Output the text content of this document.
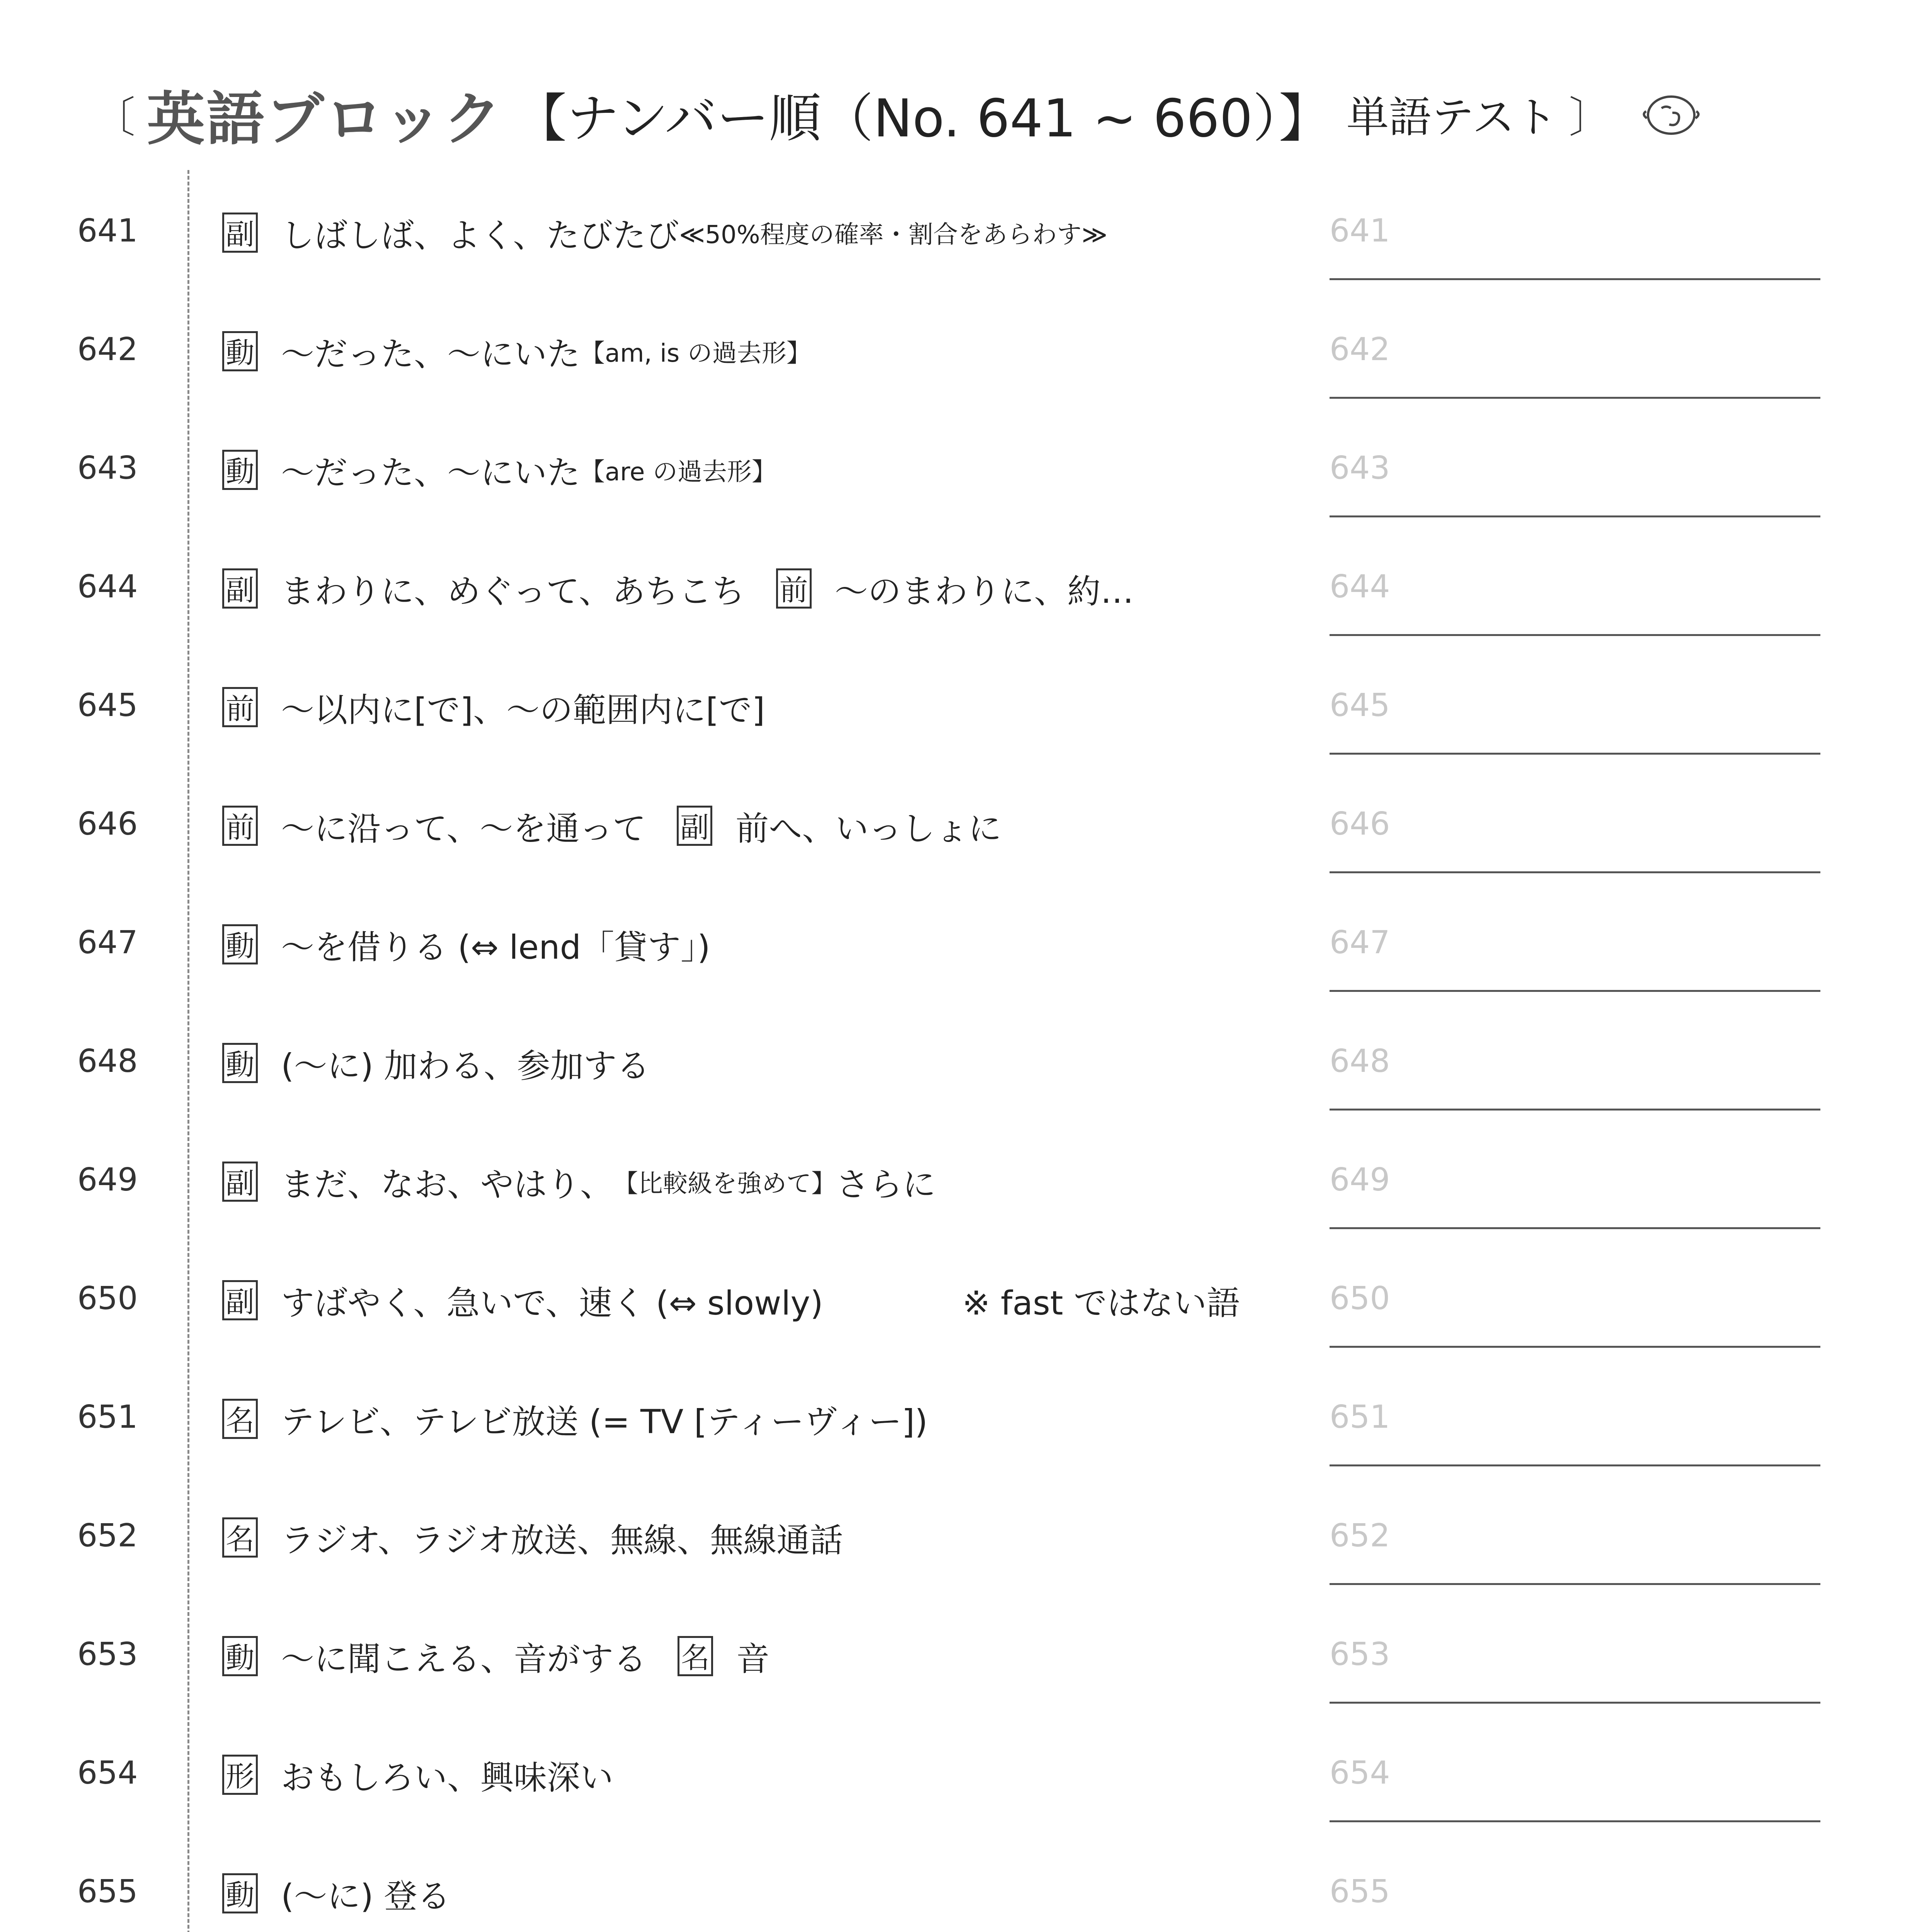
〔 英語ブロック 【ナンバー順（No. 641 ~ 660）】 単語テスト 〕
641	副 しばしば、よく、たびたび ≪50%程度の確率・割合をあらわす≫	641
642	動 ～だった、～にいた 【am, is の過去形】	642
643	動 ～だった、～にいた 【are の過去形】	643
644	副 まわりに、めぐって、あちこち 前 ～のまわりに、約…	644
645	前 ～以内に[で]、～の範囲内に[で]	645
646	前 ～に沿って、～を通って 副 前へ、いっしょに	646
647	動 ～を借りる (⇔ lend「貸す」)	647
648	動 (～に) 加わる、参加する	648
649	副 まだ、なお、やはり、 【比較級を強めて】 さらに	649
650	副 すばやく、急いで、速く (⇔ slowly)	※ fast ではない語	650
651	名 テレビ、テレビ放送 (= TV [ティーヴィー])	651
652	名 ラジオ、ラジオ放送、無線、無線通話	652
653	動 ～に聞こえる、音がする 名 音	653
654	形 おもしろい、興味深い	654
655	動 (～に) 登る	655
